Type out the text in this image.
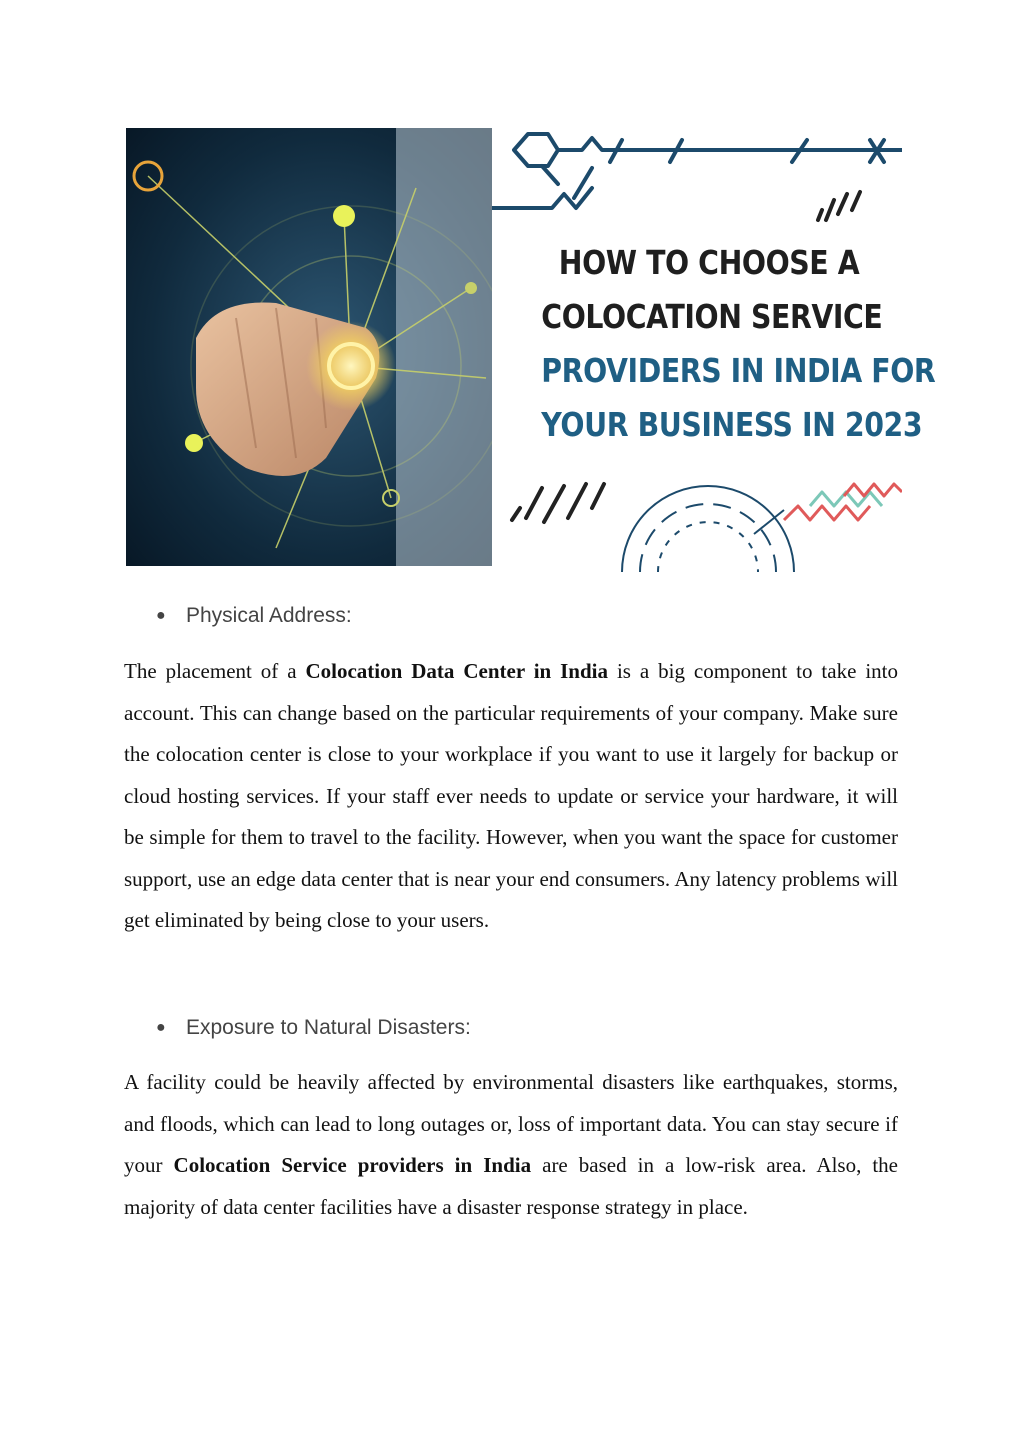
HOW TO CHOOSE A
COLOCATION SERVICE
PROVIDERS IN INDIA FOR
YOUR BUSINESS IN 2023
● Physical Address:
The placement of a Colocation Data Center in India is a big component to take into account. This can change based on the particular requirements of your company. Make sure the colocation center is close to your workplace if you want to use it largely for backup or cloud hosting services. If your staff ever needs to update or service your hardware, it will be simple for them to travel to the facility. However, when you want the space for customer support, use an edge data center that is near your end consumers. Any latency problems will get eliminated by being close to your users.
● Exposure to Natural Disasters:
A facility could be heavily affected by environmental disasters like earthquakes, storms, and floods, which can lead to long outages or, loss of important data. You can stay secure if your Colocation Service providers in India are based in a low-risk area. Also, the majority of data center facilities have a disaster response strategy in place.
